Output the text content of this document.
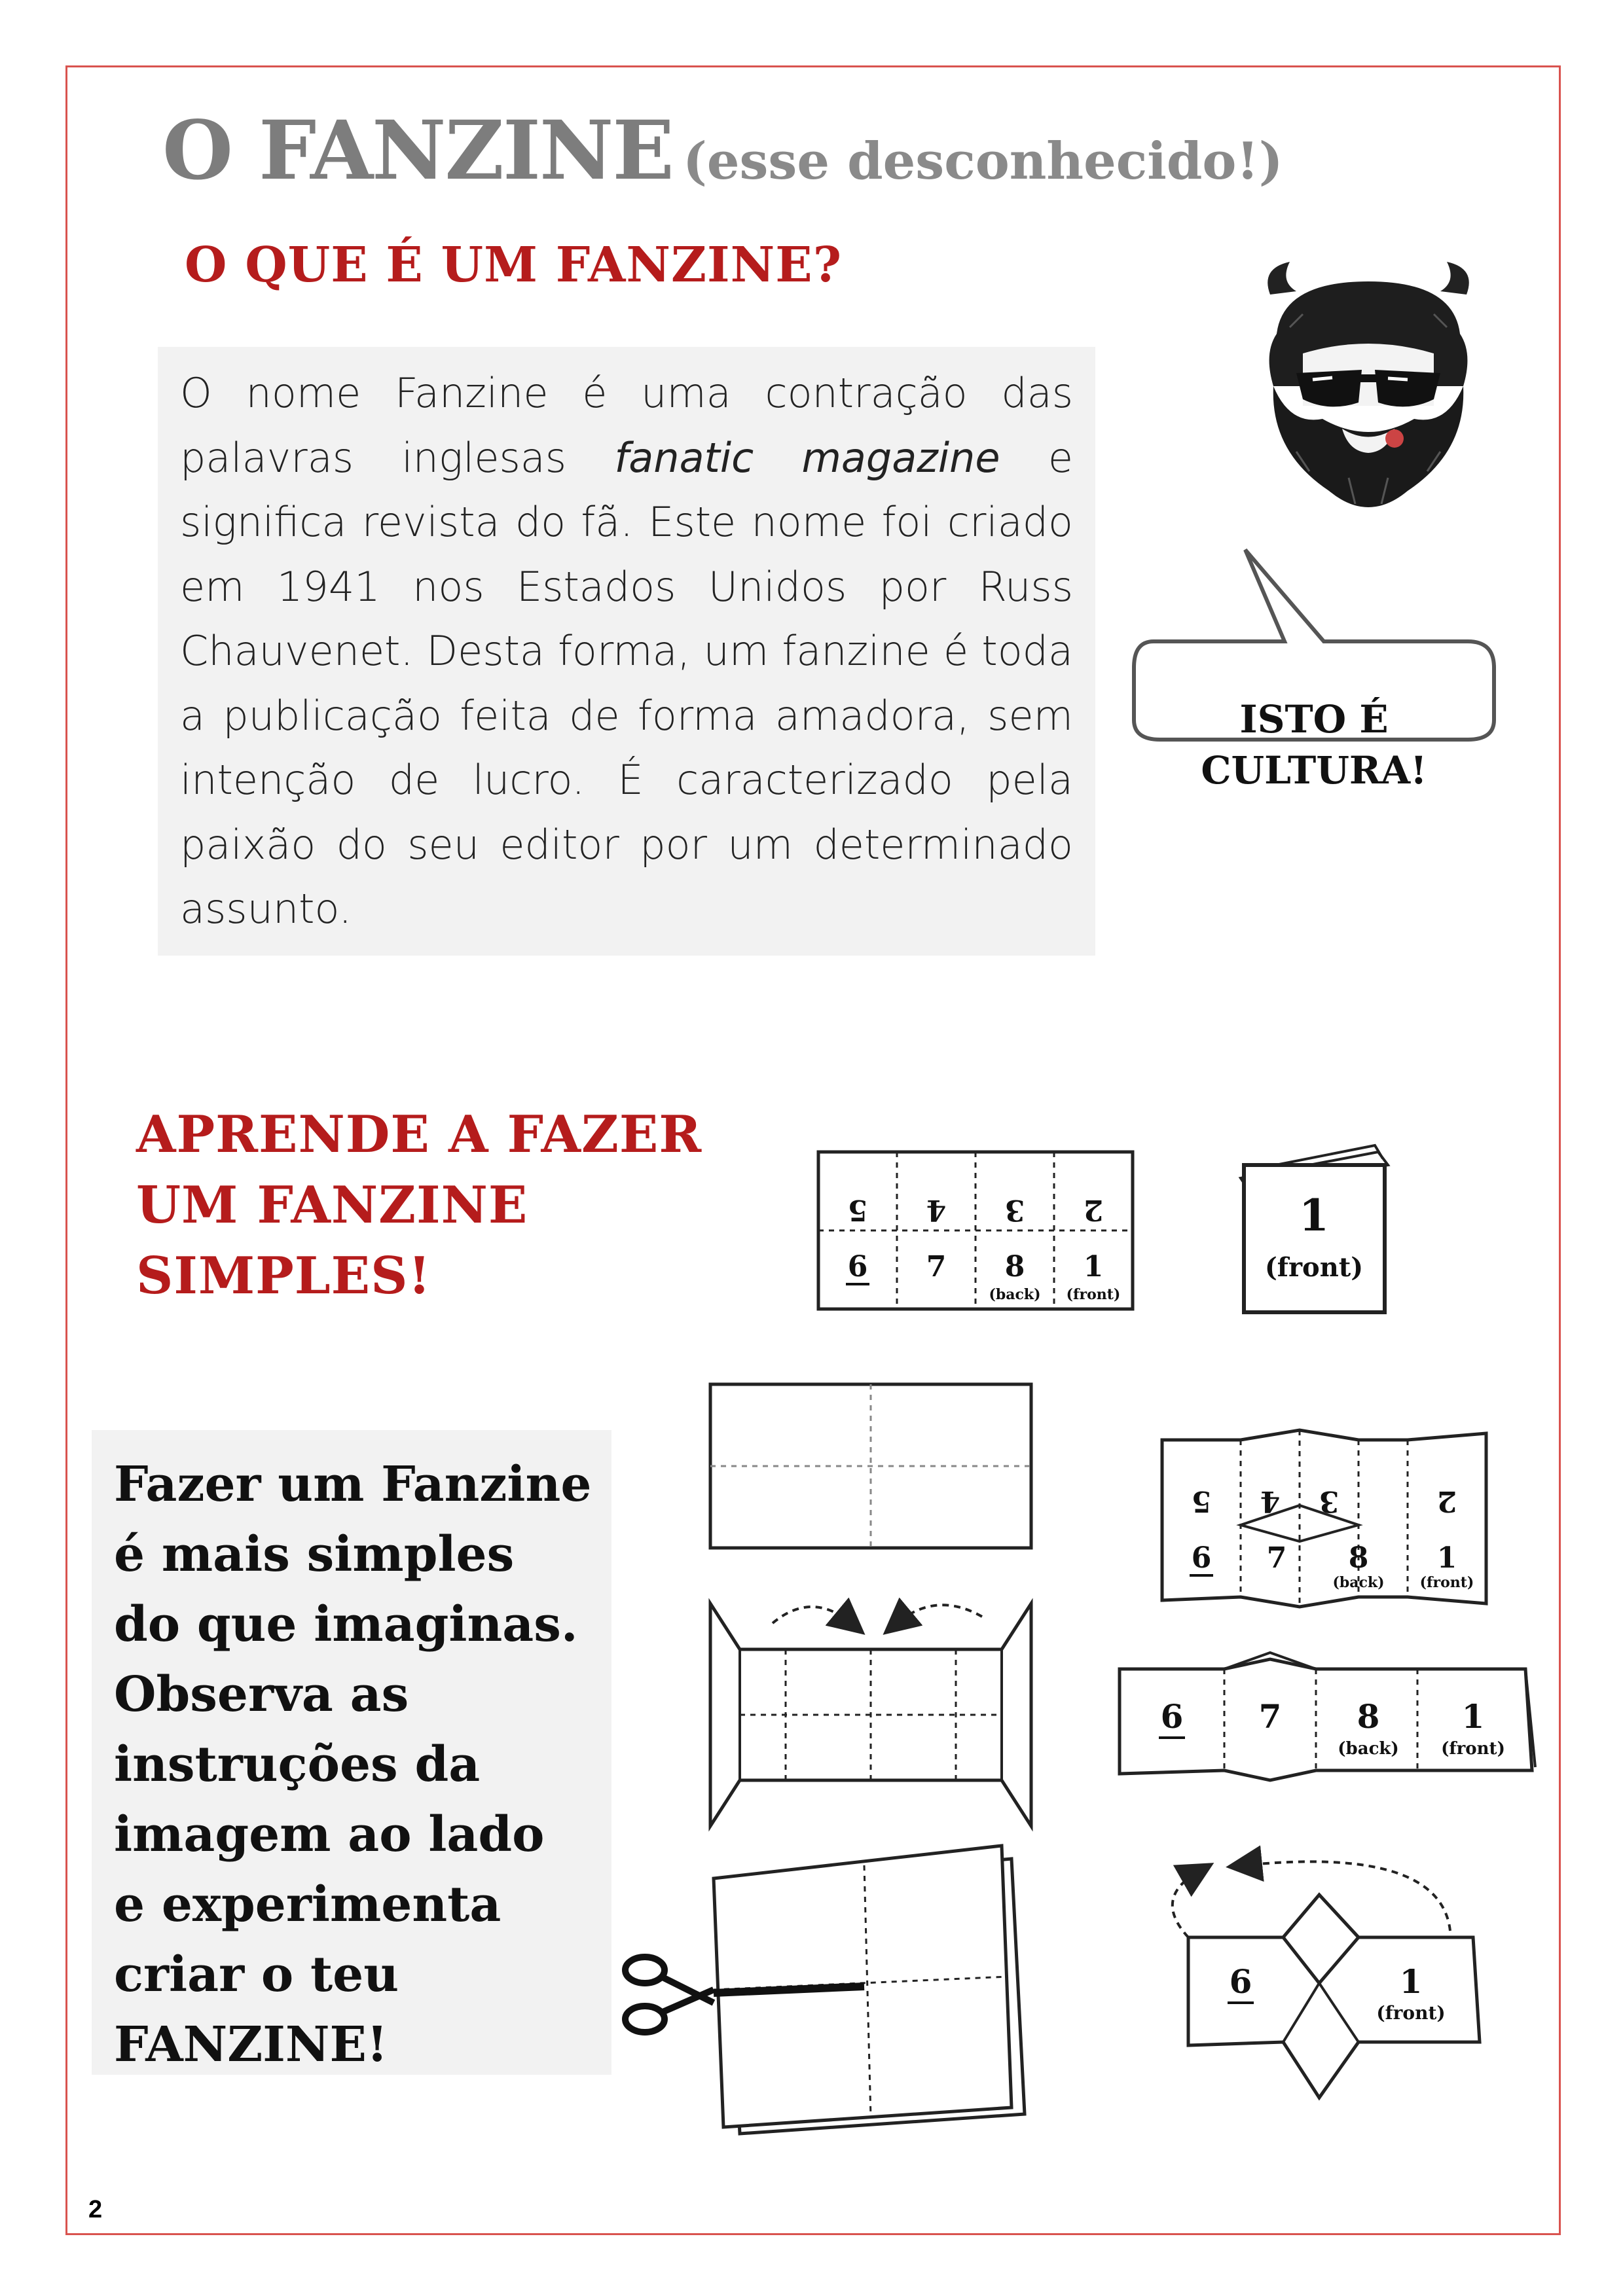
O FANZINE (esse desconhecido!)
O QUE É UM FANZINE?

O nome Fanzine é uma contração das palavras inglesas fanatic magazine e significa revista do fã. Este nome foi criado em 1941 nos Estados Unidos por Russ Chauvenet. Desta forma, um fanzine é toda a publicação feita de forma amadora, sem intenção de lucro. É caracterizado pela paixão do seu editor por um determinado assunto.

ISTO É
CULTURA!
APRENDE A FAZER
UM FANZINE
SIMPLES!

Fazer um Fanzine é mais simples do que imaginas. Observa as instruções da imagem ao lado e experimenta criar o teu FANZINE!

5 4 3 2
6 7 8 1
(back) (front)
1
(front)
5 4 3	2
6 7 8 1
(back) (front)
6 7 8	1
(back) (front)
6	1
(front)
2
